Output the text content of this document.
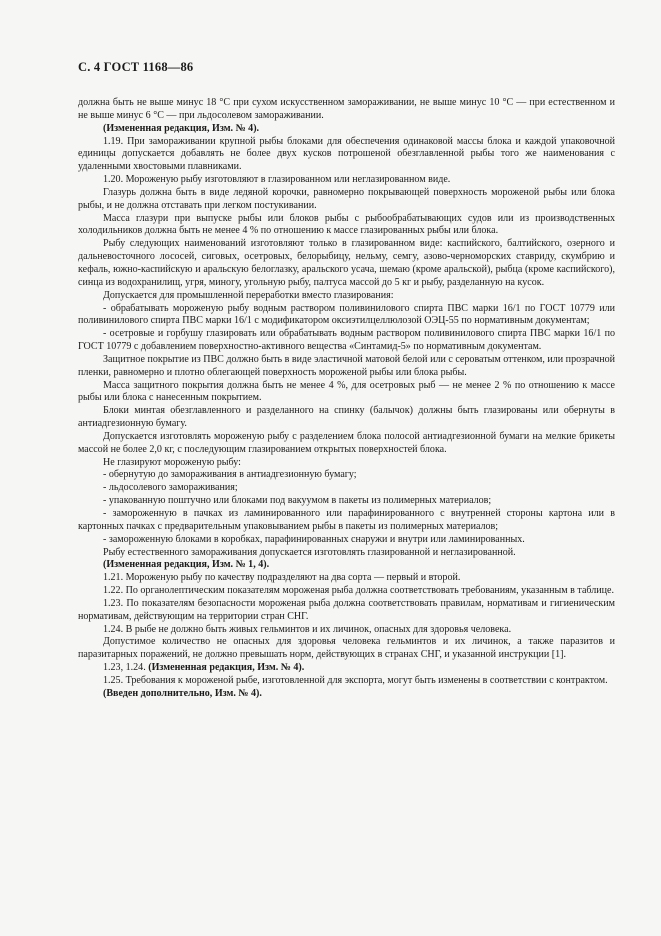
С. 4 ГОСТ 1168—86

должна быть не выше минус 18 °С при сухом искусственном замораживании, не выше минус 10 °С — при естественном и не выше минус 6 °С — при льдосолевом замораживании.

(Измененная редакция, Изм. № 4).

1.19. При замораживании крупной рыбы блоками для обеспечения одинаковой массы блока и каждой упаковочной единицы допускается добавлять не более двух кусков потрошеной обезглавленной рыбы того же наименования с удаленными хвостовыми плавниками.

1.20. Мороженую рыбу изготовляют в глазированном или неглазированном виде.

Глазурь должна быть в виде ледяной корочки, равномерно покрывающей поверхность мороженой рыбы или блока рыбы, и не должна отставать при легком постукивании.

Масса глазури при выпуске рыбы или блоков рыбы с рыбообрабатывающих судов или из производственных холодильников должна быть не менее 4 % по отношению к массе глазированных рыбы или блока.

Рыбу следующих наименований изготовляют только в глазированном виде: каспийского, балтийского, озерного и дальневосточного лососей, сиговых, осетровых, белорыбицу, нельму, семгу, азово-черноморских ставриду, скумбрию и кефаль, южно-каспийскую и аральскую белоглазку, аральского усача, шемаю (кроме аральской), рыбца (кроме каспийского), синца из водохранилищ, угря, миногу, угольную рыбу, палтуса массой до 5 кг и рыбу, разделанную на кусок.

Допускается для промышленной переработки вместо глазирования:

- обрабатывать мороженую рыбу водным раствором поливинилового спирта ПВС марки 16/1 по ГОСТ 10779 или поливинилового спирта ПВС марки 16/1 с модификатором оксиэтилцеллюлозой ОЭЦ-55 по нормативным документам;

- осетровые и горбушу глазировать или обрабатывать водным раствором поливинилового спирта ПВС марки 16/1 по ГОСТ 10779 с добавлением поверхностно-активного вещества «Синтамид-5» по нормативным документам.

Защитное покрытие из ПВС должно быть в виде эластичной матовой белой или с сероватым оттенком, или прозрачной пленки, равномерно и плотно облегающей поверхность мороженой рыбы или блока рыбы.

Масса защитного покрытия должна быть не менее 4 %, для осетровых рыб — не менее 2 % по отношению к массе рыбы или блока с нанесенным покрытием.

Блоки минтая обезглавленного и разделанного на спинку (балычок) должны быть глазированы или обернуты в антиадгезионную бумагу.

Допускается изготовлять мороженую рыбу с разделением блока полосой антиадгезионной бумаги на мелкие брикеты массой не более 2,0 кг, с последующим глазированием открытых поверхностей блока.

Не глазируют мороженую рыбу:

- обернутую до замораживания в антиадгезионную бумагу;

- льдосолевого замораживания;

- упакованную поштучно или блоками под вакуумом в пакеты из полимерных материалов;

- замороженную в пачках из ламинированного или парафинированного с внутренней стороны картона или в картонных пачках с предварительным упаковыванием рыбы в пакеты из полимерных материалов;

- замороженную блоками в коробках, парафинированных снаружи и внутри или ламинированных.

Рыбу естественного замораживания допускается изготовлять глазированной и неглазированной.

(Измененная редакция, Изм. № 1, 4).

1.21. Мороженую рыбу по качеству подразделяют на два сорта — первый и второй.

1.22. По органолептическим показателям мороженая рыба должна соответствовать требованиям, указанным в таблице.

1.23. По показателям безопасности мороженая рыба должна соответствовать правилам, нормативам и гигиеническим нормативам, действующим на территории стран СНГ.

1.24. В рыбе не должно быть живых гельминтов и их личинок, опасных для здоровья человека.

Допустимое количество не опасных для здоровья человека гельминтов и их личинок, а также паразитов и паразитарных поражений, не должно превышать норм, действующих в странах СНГ, и указанной инструкции [1].

1.23, 1.24. (Измененная редакция, Изм. № 4).

1.25. Требования к мороженой рыбе, изготовленной для экспорта, могут быть изменены в соответствии с контрактом.

(Введен дополнительно, Изм. № 4).
